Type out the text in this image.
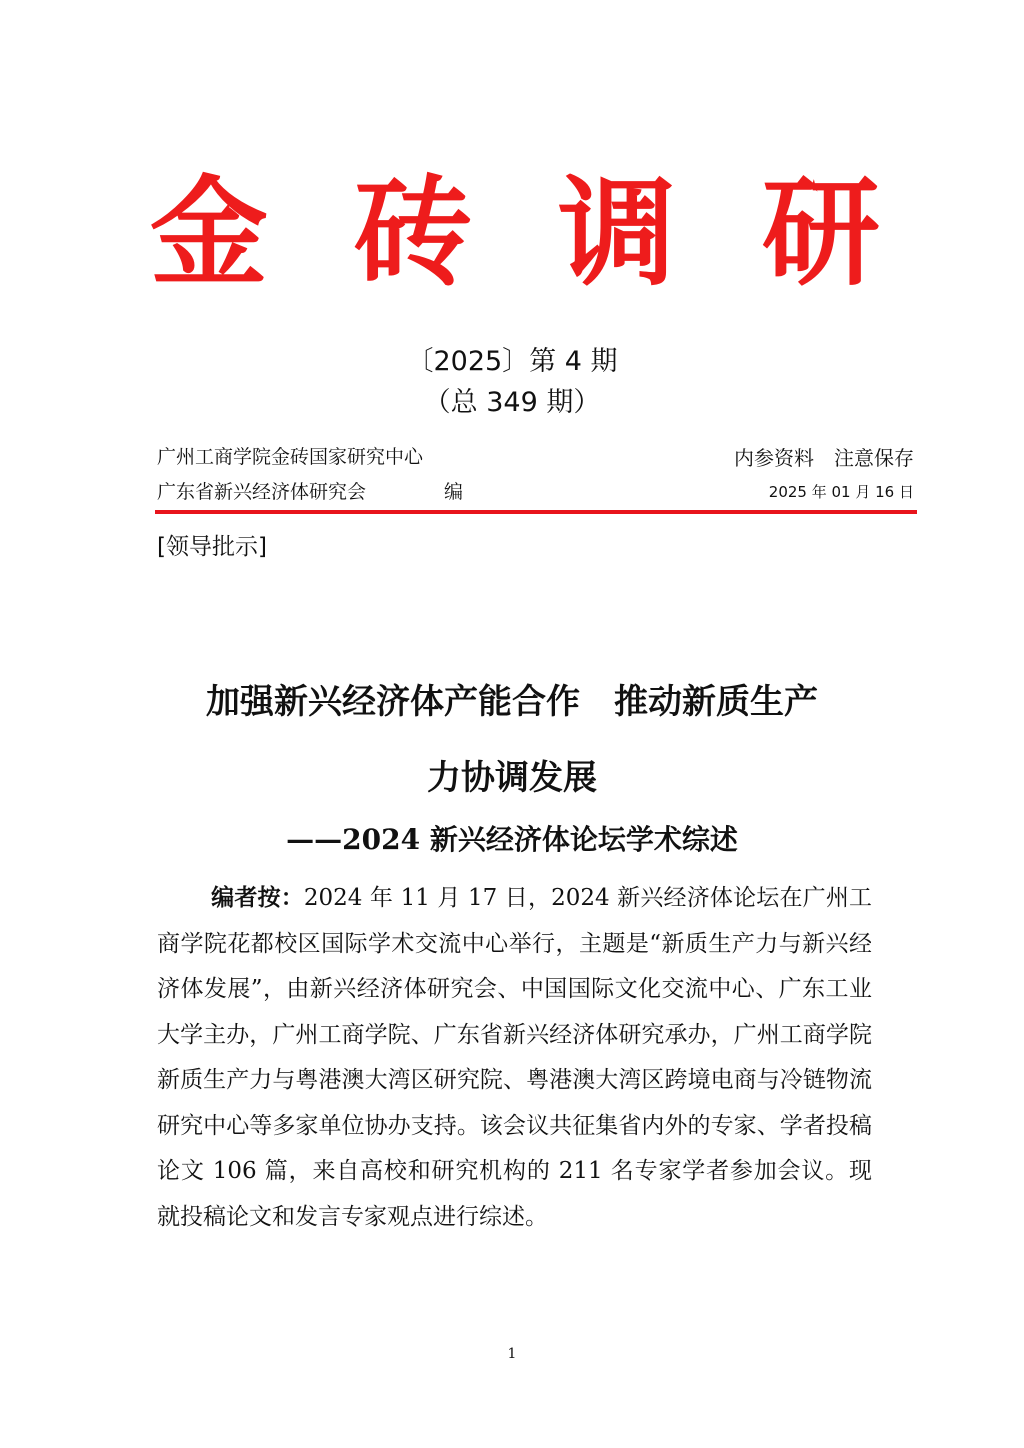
金 砖 调 研
〔2025〕第 4 期
（总 349 期）
广州工商学院金砖国家研究中心
广东省新兴经济体研究会	编
内参资料　注意保存
2025 年 01 月 16 日
[领导批示]
加强新兴经济体产能合作　推动新质生产
力协调发展
——2024 新兴经济体论坛学术综述

编者按：2024 年 11 月 17 日，2024 新兴经济体论坛在广州工商学院花都校区国际学术交流中心举行，主题是“新质生产力与新兴经济体发展”，由新兴经济体研究会、中国国际文化交流中心、广东工业大学主办，广州工商学院、广东省新兴经济体研究承办，广州工商学院新质生产力与粤港澳大湾区研究院、粤港澳大湾区跨境电商与冷链物流研究中心等多家单位协办支持。该会议共征集省内外的专家、学者投稿论文 106 篇，来自高校和研究机构的 211 名专家学者参加会议。现就投稿论文和发言专家观点进行综述。

1
